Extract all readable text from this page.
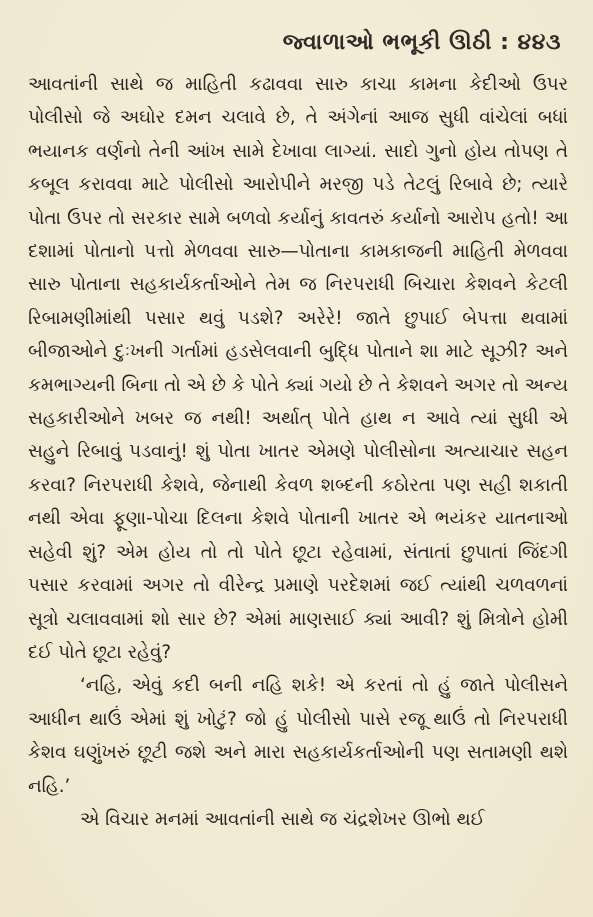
જ્વાળાઓ ભભૂકી ઊઠી : ૪૪૩

આવતાંની સાથે જ માહિતી કઢાવવા સારુ કાચા કામના કેદીઓ ઉપર પોલીસો જે અઘોર દમન ચલાવે છે, તે અંગેનાં આજ સુધી વાંચેલાં બધાં ભયાનક વર્ણનો તેની આંખ સામે દેખાવા લાગ્યાં. સાદો ગુનો હોય તોપણ તે કબૂલ કરાવવા માટે પોલીસો આરોપીને મરજી પડે તેટલું રિબાવે છે; ત્યારે પોતા ઉપર તો સરકાર સામે બળવો કર્યાનું કાવતરું કર્યાનો આરોપ હતો! આ દશામાં પોતાનો પત્તો મેળવવા સારુ—પોતાના કામકાજની માહિતી મેળવવા સારુ પોતાના સહકાર્યકર્તાઓને તેમ જ નિરપરાધી બિચારા કેશવને કેટલી રિબામણીમાંથી પસાર થવું પડશે? અરેરે! જાતે છુપાઈ બેપત્તા થવામાં બીજાઓને દુઃખની ગર્તામાં હડસેલવાની બુદ્ધિ પોતાને શા માટે સૂઝી? અને કમભાગ્યની બિના તો એ છે કે પોતે ક્યાં ગયો છે તે કેશવને અગર તો અન્ય સહકારીઓને ખબર જ નથી! અર્થાત્ પોતે હાથ ન આવે ત્યાં સુધી એ સહુને રિબાવું પડવાનું! શું પોતા ખાતર એમણે પોલીસોના અત્યાચાર સહન કરવા? નિરપરાધી કેશવે, જેનાથી કેવળ શબ્દની કઠોરતા પણ સહી શકાતી નથી એવા ફૂણા-પોચા દિલના કેશવે પોતાની ખાતર એ ભયંકર યાતનાઓ સહેવી શું? એમ હોય તો તો પોતે છૂટા રહેવામાં, સંતાતાં છુપાતાં જિંદગી પસાર કરવામાં અગર તો વીરેન્દ્ર પ્રમાણે પરદેશમાં જઈ ત્યાંથી ચળવળનાં સૂત્રો ચલાવવામાં શો સાર છે? એમાં માણસાઈ ક્યાં આવી? શું મિત્રોને હોમી દઈ પોતે છૂટા રહેવું?

‘નહિ, એવું કદી બની નહિ શકે! એ કરતાં તો હું જાતે પોલીસને આધીન થાઉં એમાં શું ખોટું? જો હું પોલીસો પાસે રજૂ થાઉં તો નિરપરાધી કેશવ ઘણુંખરું છૂટી જશે અને મારા સહકાર્યકર્તાઓની પણ સતામણી થશે નહિ.’

એ વિચાર મનમાં આવતાંની સાથે જ ચંદ્રશેખર ઊભો થઈ
